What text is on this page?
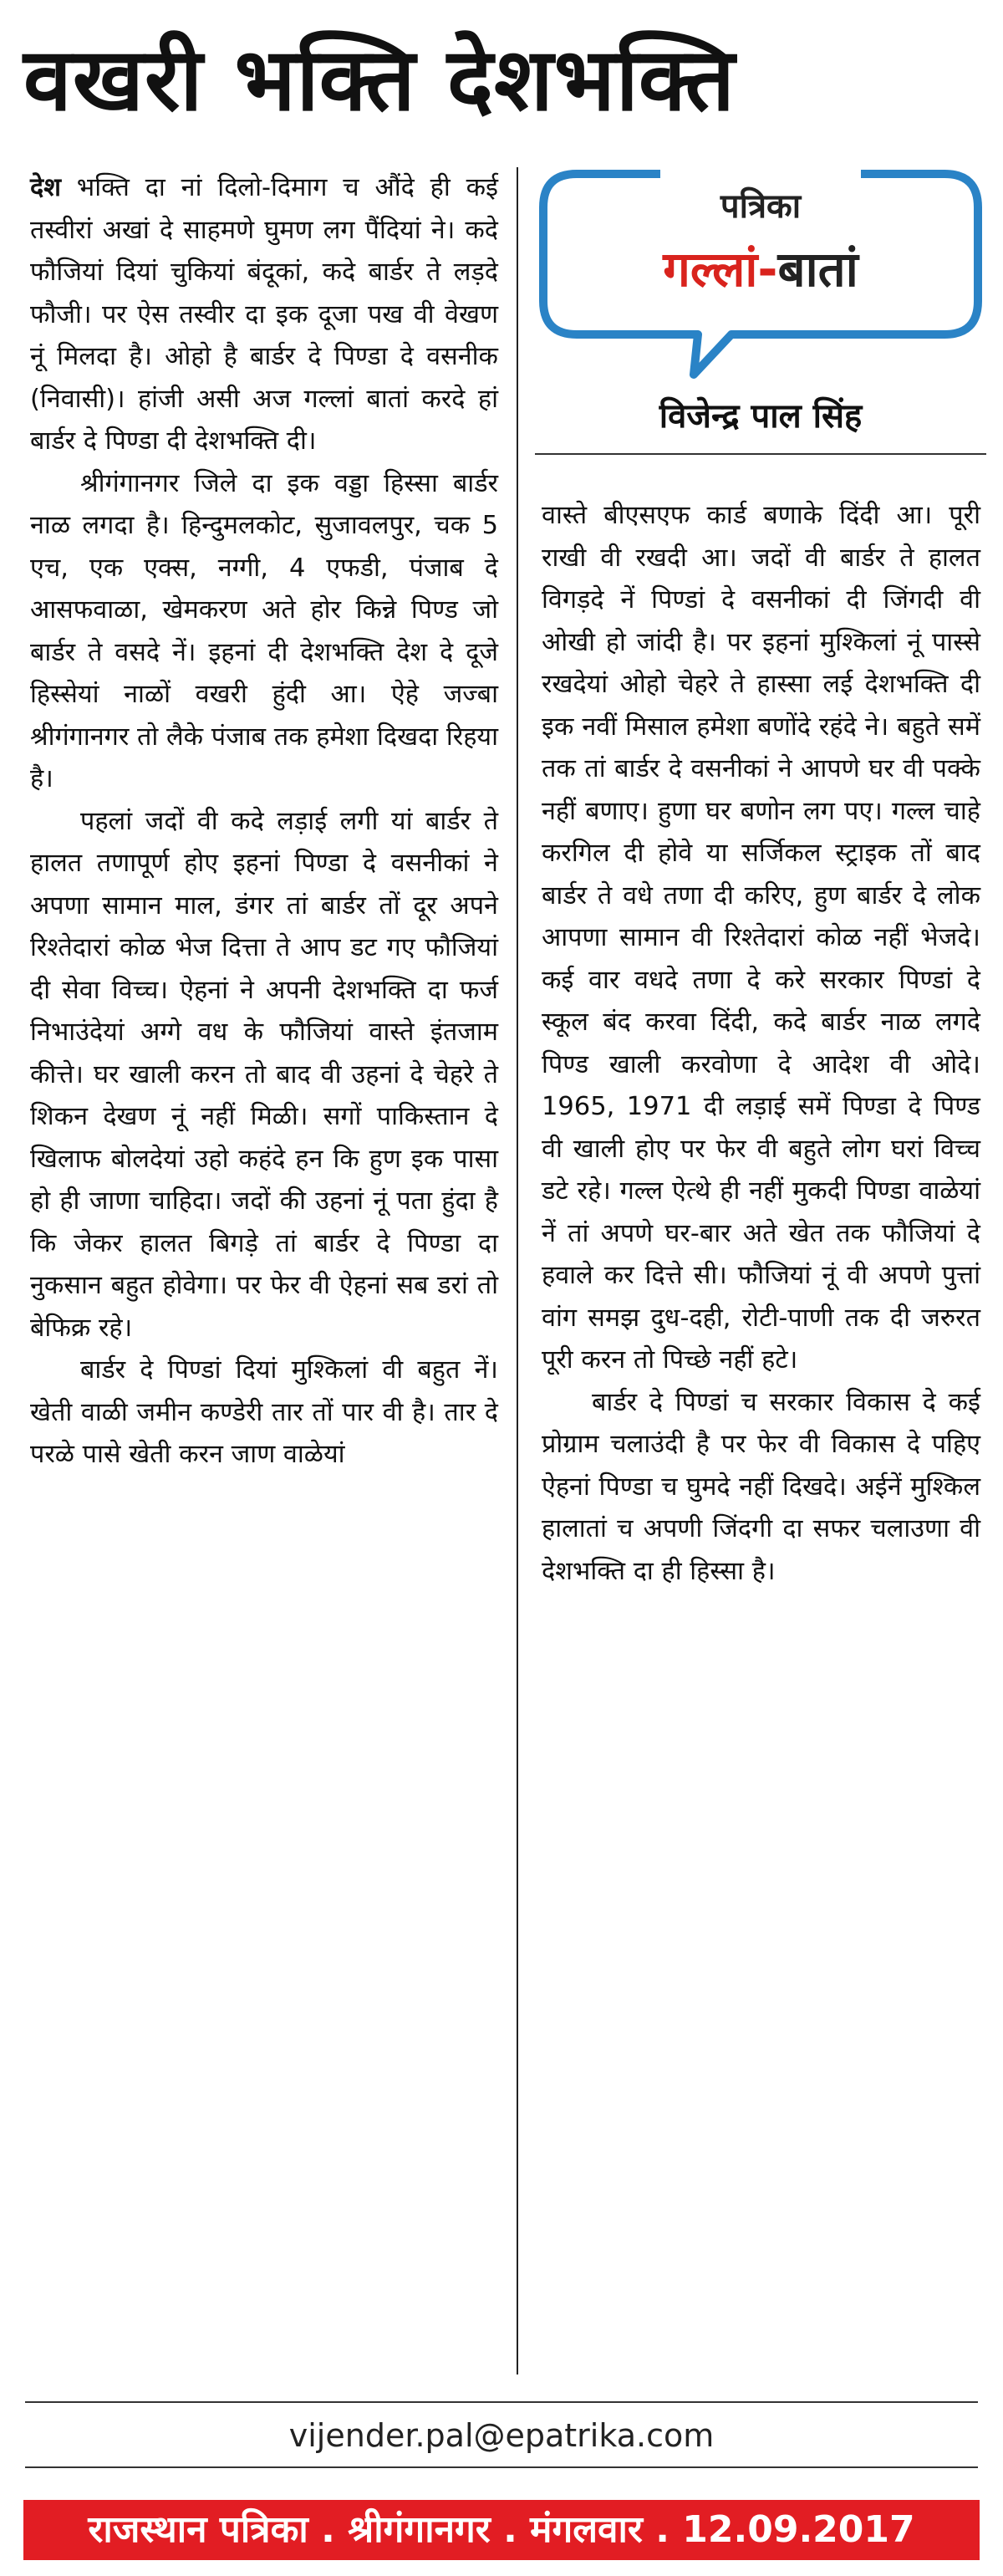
वखरी भक्ति देशभक्ति

देश भक्ति दा नां दिलो-दिमाग च औंदे ही कई तस्वीरां अखां दे साहमणे घुमण लग पैंदियां ने। कदे फौजियां दियां चुकियां बंदूकां, कदे बार्डर ते लड़दे फौजी। पर ऐस तस्वीर दा इक दूजा पख वी वेखण नूं मिलदा है। ओहो है बार्डर दे पिण्डा दे वसनीक (निवासी)। हांजी असी अज गल्लां बातां करदे हां बार्डर दे पिण्डा दी देशभक्ति दी।

श्रीगंगानगर जिले दा इक वड्डा हिस्सा बार्डर नाळ लगदा है। हिन्दुमलकोट, सुजावलपुर, चक 5 एच, एक एक्स, नग्गी, 4 एफडी, पंजाब दे आसफवाळा, खेमकरण अते होर किन्ने पिण्ड जो बार्डर ते वसदे नें। इहनां दी देशभक्ति देश दे दूजे हिस्सेयां नाळों वखरी हुंदी आ। ऐहे जज्बा श्रीगंगानगर तो लैके पंजाब तक हमेशा दिखदा रिहया है।

पहलां जदों वी कदे लड़ाई लगी यां बार्डर ते हालत तणापूर्ण होए इहनां पिण्डा दे वसनीकां ने अपणा सामान माल, डंगर तां बार्डर तों दूर अपने रिश्तेदारां कोळ भेज दित्ता ते आप डट गए फौजियां दी सेवा विच्च। ऐहनां ने अपनी देशभक्ति दा फर्ज निभाउंदेयां अग्गे वध के फौजियां वास्ते इंतजाम कीत्ते। घर खाली करन तो बाद वी उहनां दे चेहरे ते शिकन देखण नूं नहीं मिळी। सगों पाकिस्तान दे खिलाफ बोलदेयां उहो कहंदे हन कि हुण इक पासा हो ही जाणा चाहिदा। जदों की उहनां नूं पता हुंदा है कि जेकर हालत बिगड़े तां बार्डर दे पिण्डा दा नुकसान बहुत होवेगा। पर फेर वी ऐहनां सब डरां तो बेफिक्र रहे।

बार्डर दे पिण्डां दियां मुश्किलां वी बहुत नें। खेती वाळी जमीन कण्डेरी तार तों पार वी है। तार दे परळे पासे खेती करन जाण वाळेयां

पत्रिका
गल्लां-बातां
विजेन्द्र पाल सिंह

वास्ते बीएसएफ कार्ड बणाके दिंदी आ। पूरी राखी वी रखदी आ। जदों वी बार्डर ते हालत विगड़दे नें पिण्डां दे वसनीकां दी जिंगदी वी ओखी हो जांदी है। पर इहनां मुश्किलां नूं पास्से रखदेयां ओहो चेहरे ते हास्सा लई देशभक्ति दी इक नवीं मिसाल हमेशा बणोंदे रहंदे ने। बहुते समें तक तां बार्डर दे वसनीकां ने आपणे घर वी पक्के नहीं बणाए। हुणा घर बणोन लग पए। गल्ल चाहे करगिल दी होवे या सर्जिकल स्ट्राइक तों बाद बार्डर ते वधे तणा दी करिए, हुण बार्डर दे लोक आपणा सामान वी रिश्तेदारां कोळ नहीं भेजदे। कई वार वधदे तणा दे करे सरकार पिण्डां दे स्कूल बंद करवा दिंदी, कदे बार्डर नाळ लगदे पिण्ड खाली करवोणा दे आदेश वी ओदे। 1965, 1971 दी लड़ाई समें पिण्डा दे पिण्ड वी खाली होए पर फेर वी बहुते लोग घरां विच्च डटे रहे। गल्ल ऐत्थे ही नहीं मुकदी पिण्डा वाळेयां नें तां अपणे घर-बार अते खेत तक फौजियां दे हवाले कर दित्ते सी। फौजियां नूं वी अपणे पुत्तां वांग समझ दुध-दही, रोटी-पाणी तक दी जरुरत पूरी करन तो पिच्छे नहीं हटे।

बार्डर दे पिण्डां च सरकार विकास दे कई प्रोग्राम चलाउंदी है पर फेर वी विकास दे पहिए ऐहनां पिण्डा च घुमदे नहीं दिखदे। अईनें मुश्किल हालातां च अपणी जिंदगी दा सफर चलाउणा वी देशभक्ति दा ही हिस्सा है।

vijender.pal@epatrika.com
राजस्थान पत्रिका . श्रीगंगानगर . मंगलवार . 12.09.2017
